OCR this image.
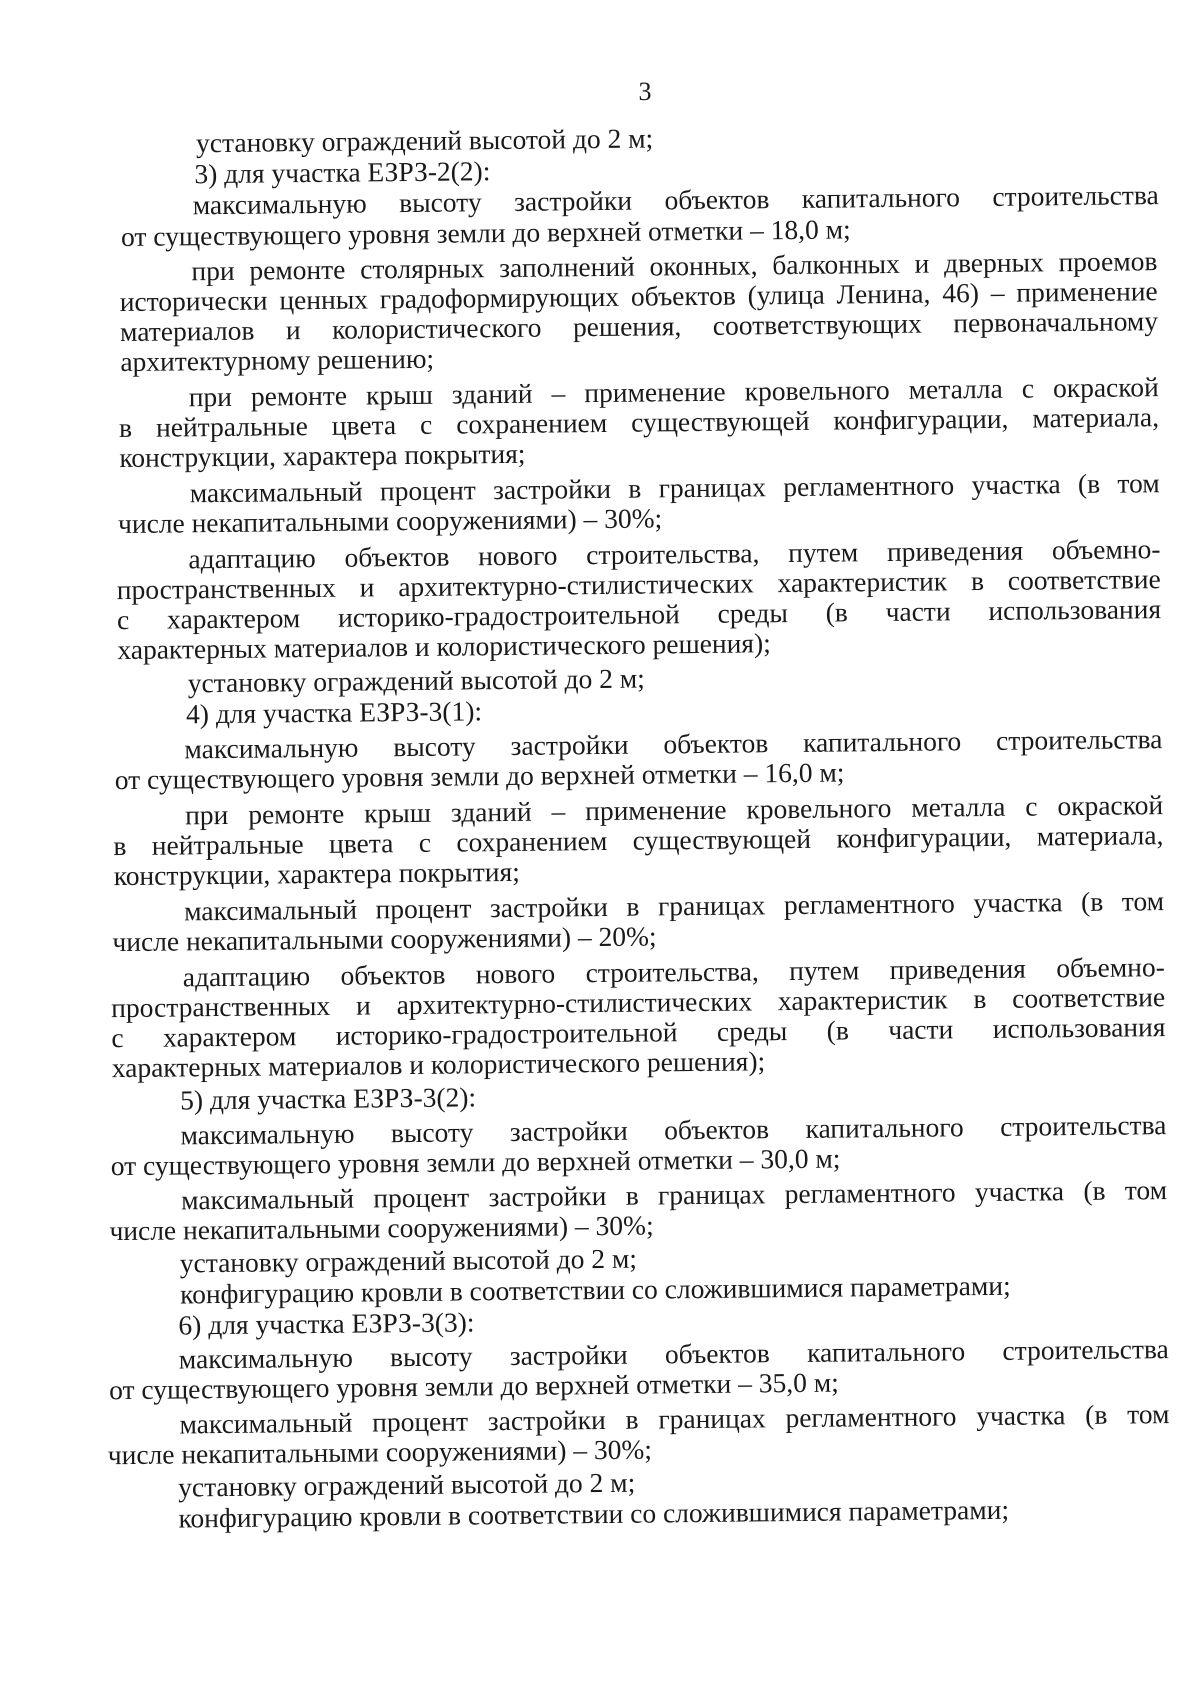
3
установку ограждений высотой до 2 м;
3) для участка ЕЗРЗ-2(2):
максимальную высоту застройки объектов капитального строительства
от существующего уровня земли до верхней отметки – 18,0 м;
при ремонте столярных заполнений оконных, балконных и дверных проемов
исторически ценных градоформирующих объектов (улица Ленина, 46) – применение
материалов и колористического решения, соответствующих первоначальному
архитектурному решению;
при ремонте крыш зданий – применение кровельного металла с окраской
в нейтральные цвета с сохранением существующей конфигурации, материала,
конструкции, характера покрытия;
максимальный процент застройки в границах регламентного участка (в том
числе некапитальными сооружениями) – 30%;
адаптацию объектов нового строительства, путем приведения объемно-
пространственных и архитектурно-стилистических характеристик в соответствие
с характером историко-градостроительной среды (в части использования
характерных материалов и колористического решения);
установку ограждений высотой до 2 м;
4) для участка ЕЗРЗ-3(1):
максимальную высоту застройки объектов капитального строительства
от существующего уровня земли до верхней отметки – 16,0 м;
при ремонте крыш зданий – применение кровельного металла с окраской
в нейтральные цвета с сохранением существующей конфигурации, материала,
конструкции, характера покрытия;
максимальный процент застройки в границах регламентного участка (в том
числе некапитальными сооружениями) – 20%;
адаптацию объектов нового строительства, путем приведения объемно-
пространственных и архитектурно-стилистических характеристик в соответствие
с характером историко-градостроительной среды (в части использования
характерных материалов и колористического решения);
5) для участка ЕЗРЗ-3(2):
максимальную высоту застройки объектов капитального строительства
от существующего уровня земли до верхней отметки – 30,0 м;
максимальный процент застройки в границах регламентного участка (в том
числе некапитальными сооружениями) – 30%;
установку ограждений высотой до 2 м;
конфигурацию кровли в соответствии со сложившимися параметрами;
6) для участка ЕЗРЗ-3(3):
максимальную высоту застройки объектов капитального строительства
от существующего уровня земли до верхней отметки – 35,0 м;
максимальный процент застройки в границах регламентного участка (в том
числе некапитальными сооружениями) – 30%;
установку ограждений высотой до 2 м;
конфигурацию кровли в соответствии со сложившимися параметрами;
